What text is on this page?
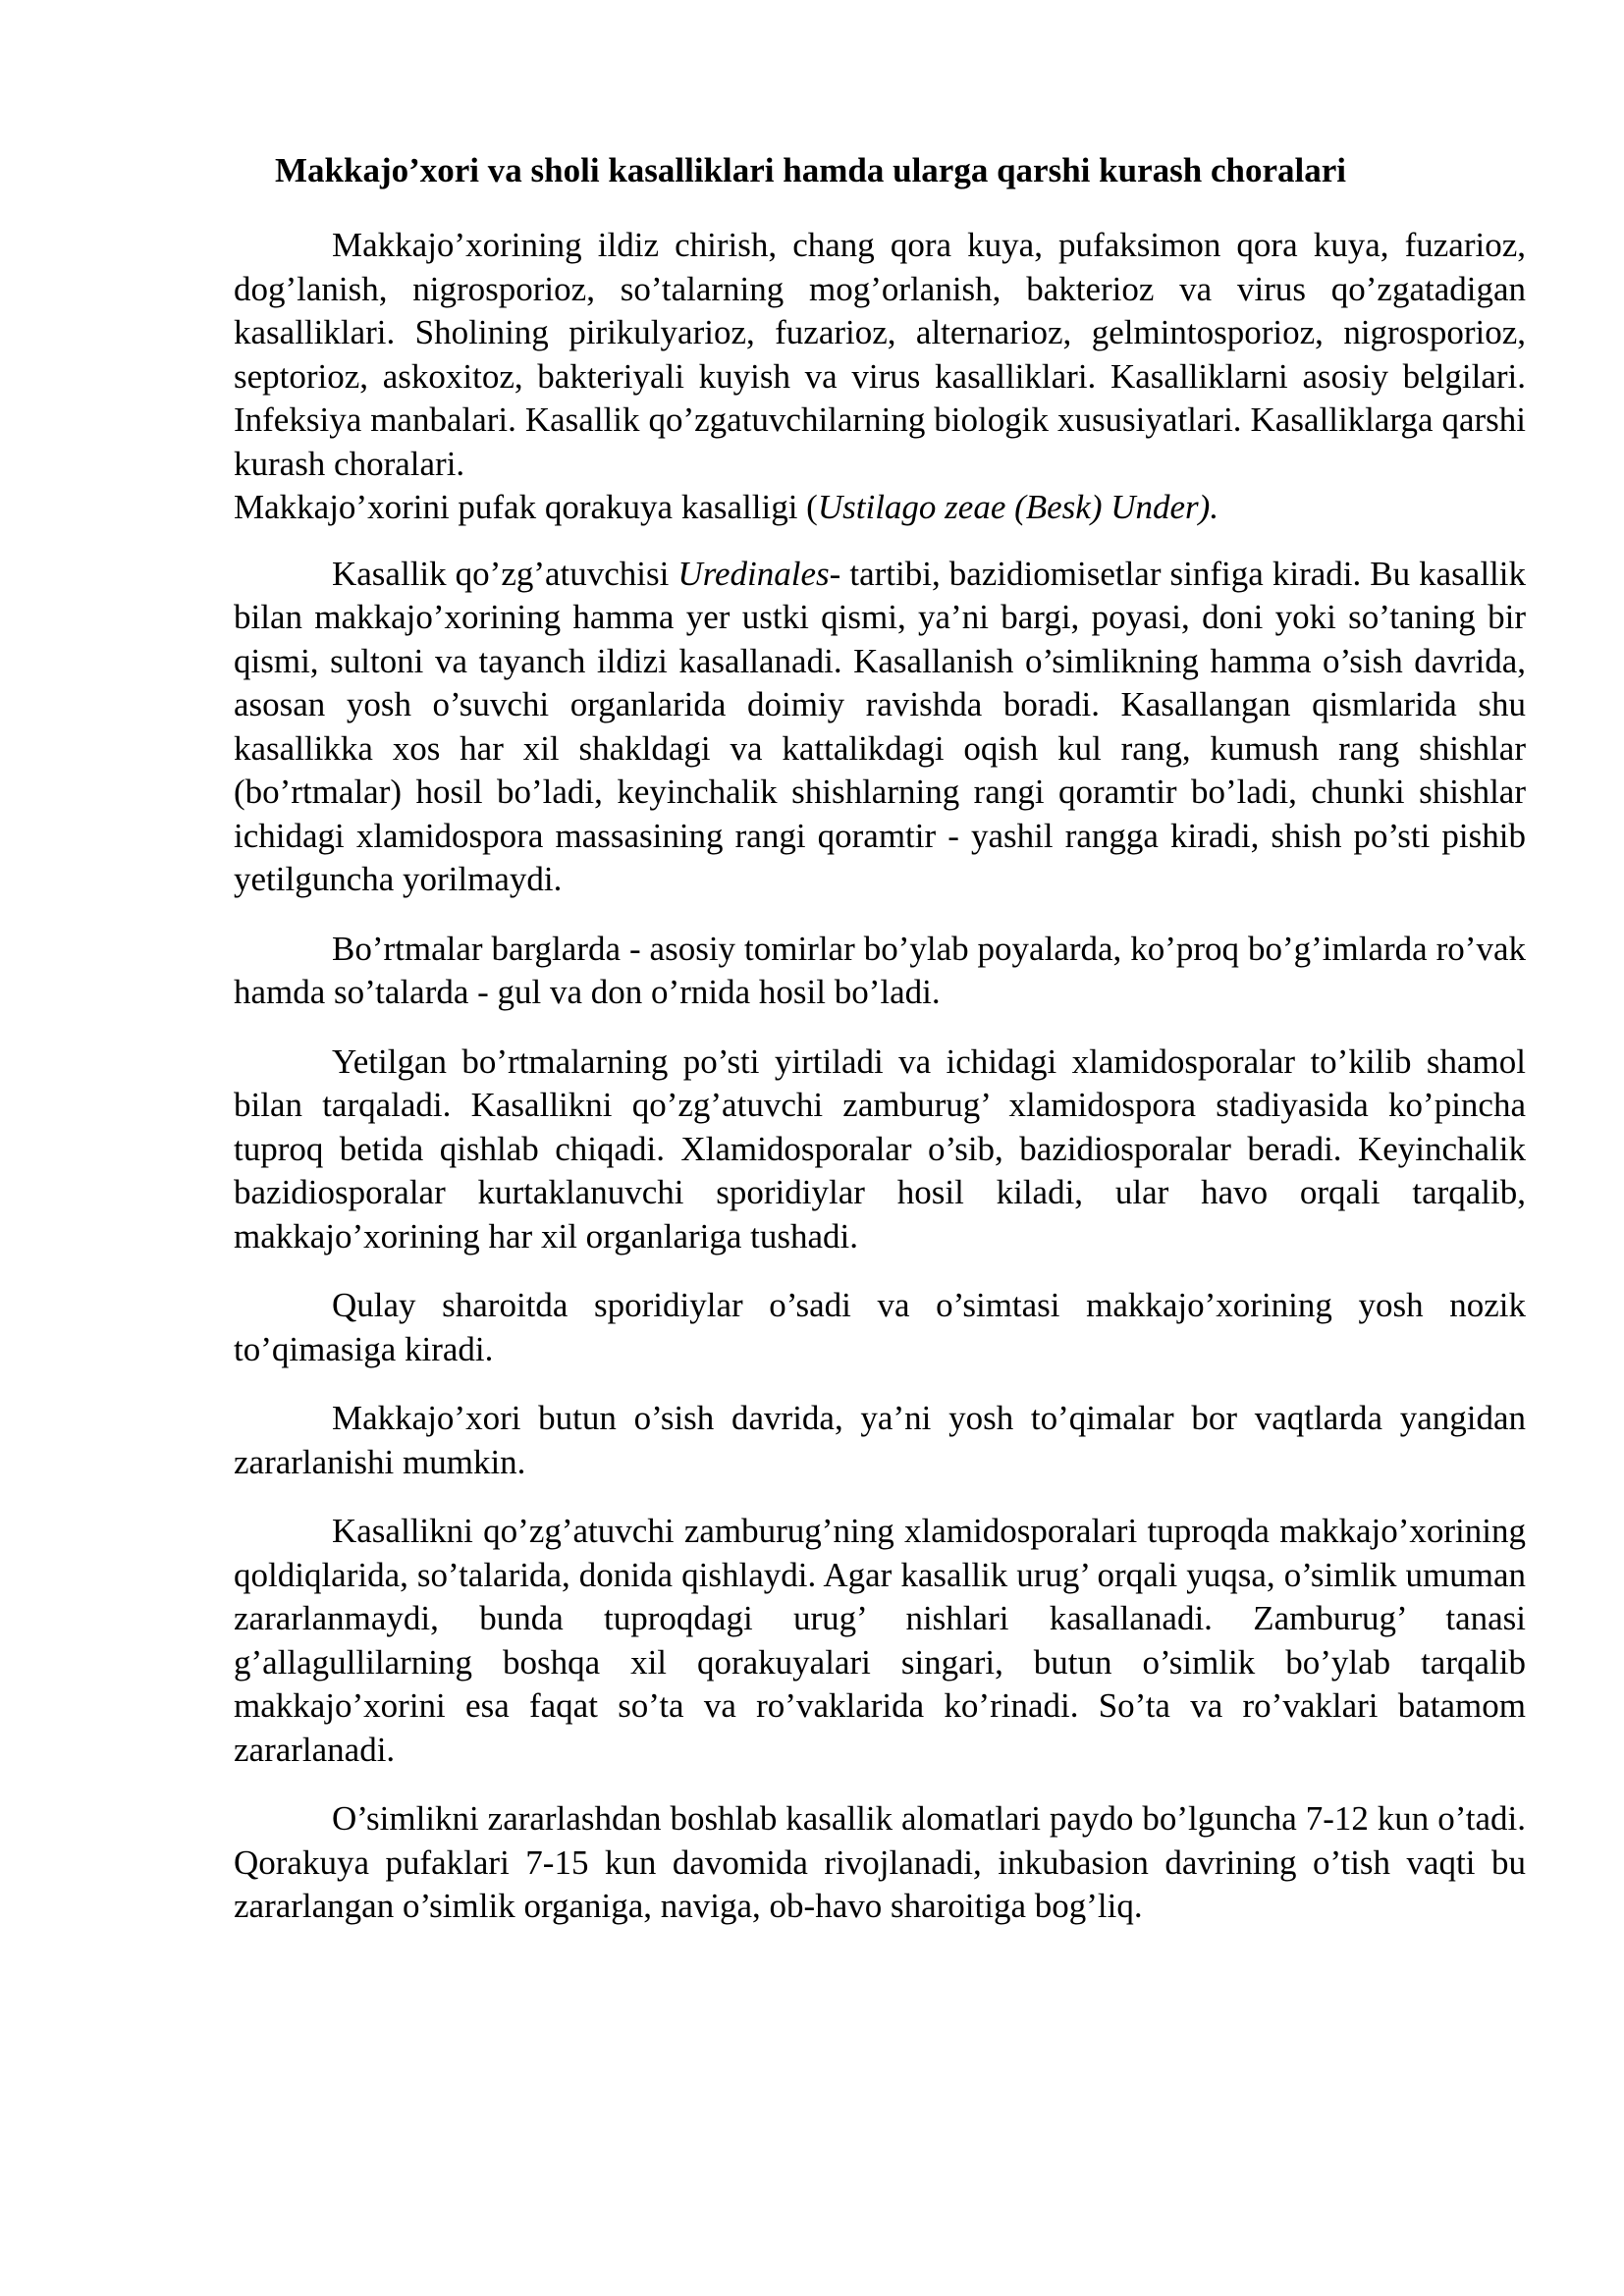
Makkajo’xori va sholi kasalliklari hamda ularga qarshi kurash choralari

Makkajo’xorining ildiz chirish, chang qora kuya, pufaksimon qora kuya, fuzarioz, dog’lanish, nigrosporioz, so’talarning mog’orlanish, bakterioz va virus qo’zgatadigan kasalliklari. Sholining pirikulyarioz, fuzarioz, alternarioz, gelmintosporioz, nigrosporioz, septorioz, askoxitoz, bakteriyali kuyish va virus kasalliklari. Kasalliklarni asosiy belgilari. Infeksiya manbalari. Kasallik qo’zgatuvchilarning biologik xususiyatlari. Kasalliklarga qarshi kurash choralari.

Makkajo’xorini pufak qorakuya kasalligi (Ustilago zeae (Besk) Under).

Kasallik qo’zg’atuvchisi Uredinales- tartibi, bazidiomisetlar sinfiga kiradi. Bu kasallik bilan makkajo’xorining hamma yer ustki qismi, ya’ni bargi, poyasi, doni yoki so’taning bir qismi, sultoni va tayanch ildizi kasallanadi. Kasallanish o’simlikning hamma o’sish davrida, asosan yosh o’suvchi organlarida doimiy ravishda boradi. Kasallangan qismlarida shu kasallikka xos har xil shakldagi va kattalikdagi oqish kul rang, kumush rang shishlar (bo’rtmalar) hosil bo’ladi, keyinchalik shishlarning rangi qoramtir bo’ladi, chunki shishlar ichidagi xlamidospora massasining rangi qoramtir - yashil rangga kiradi, shish po’sti pishib yetilguncha yorilmaydi.

Bo’rtmalar barglarda - asosiy tomirlar bo’ylab poyalarda, ko’proq bo’g’imlarda ro’vak hamda so’talarda - gul va don o’rnida hosil bo’ladi.

Yetilgan bo’rtmalarning po’sti yirtiladi va ichidagi xlamidosporalar to’kilib shamol bilan tarqaladi. Kasallikni qo’zg’atuvchi zamburug’ xlamidospora stadiyasida ko’pincha tuproq betida qishlab chiqadi. Xlamidosporalar o’sib, bazidiosporalar beradi. Keyinchalik bazidiosporalar kurtaklanuvchi sporidiylar hosil kiladi, ular havo orqali tarqalib, makkajo’xorining har xil organlariga tushadi.

Qulay sharoitda sporidiylar o’sadi va o’simtasi makkajo’xorining yosh nozik to’qimasiga kiradi.

Makkajo’xori butun o’sish davrida, ya’ni yosh to’qimalar bor vaqtlarda yangidan zararlanishi mumkin.

Kasallikni qo’zg’atuvchi zamburug’ning xlamidosporalari tuproqda makkajo’xorining qoldiqlarida, so’talarida, donida qishlaydi. Agar kasallik urug’ orqali yuqsa, o’simlik umuman zararlanmaydi, bunda tuproqdagi urug’ nishlari kasallanadi. Zamburug’ tanasi g’allagullilarning boshqa xil qorakuyalari singari, butun o’simlik bo’ylab tarqalib makkajo’xorini esa faqat so’ta va ro’vaklarida ko’rinadi. So’ta va ro’vaklari batamom zararlanadi.

O’simlikni zararlashdan boshlab kasallik alomatlari paydo bo’lguncha 7-12 kun o’tadi. Qorakuya pufaklari 7-15 kun davomida rivojlanadi, inkubasion davrining o’tish vaqti bu zararlangan o’simlik organiga, naviga, ob-havo sharoitiga bog’liq.
